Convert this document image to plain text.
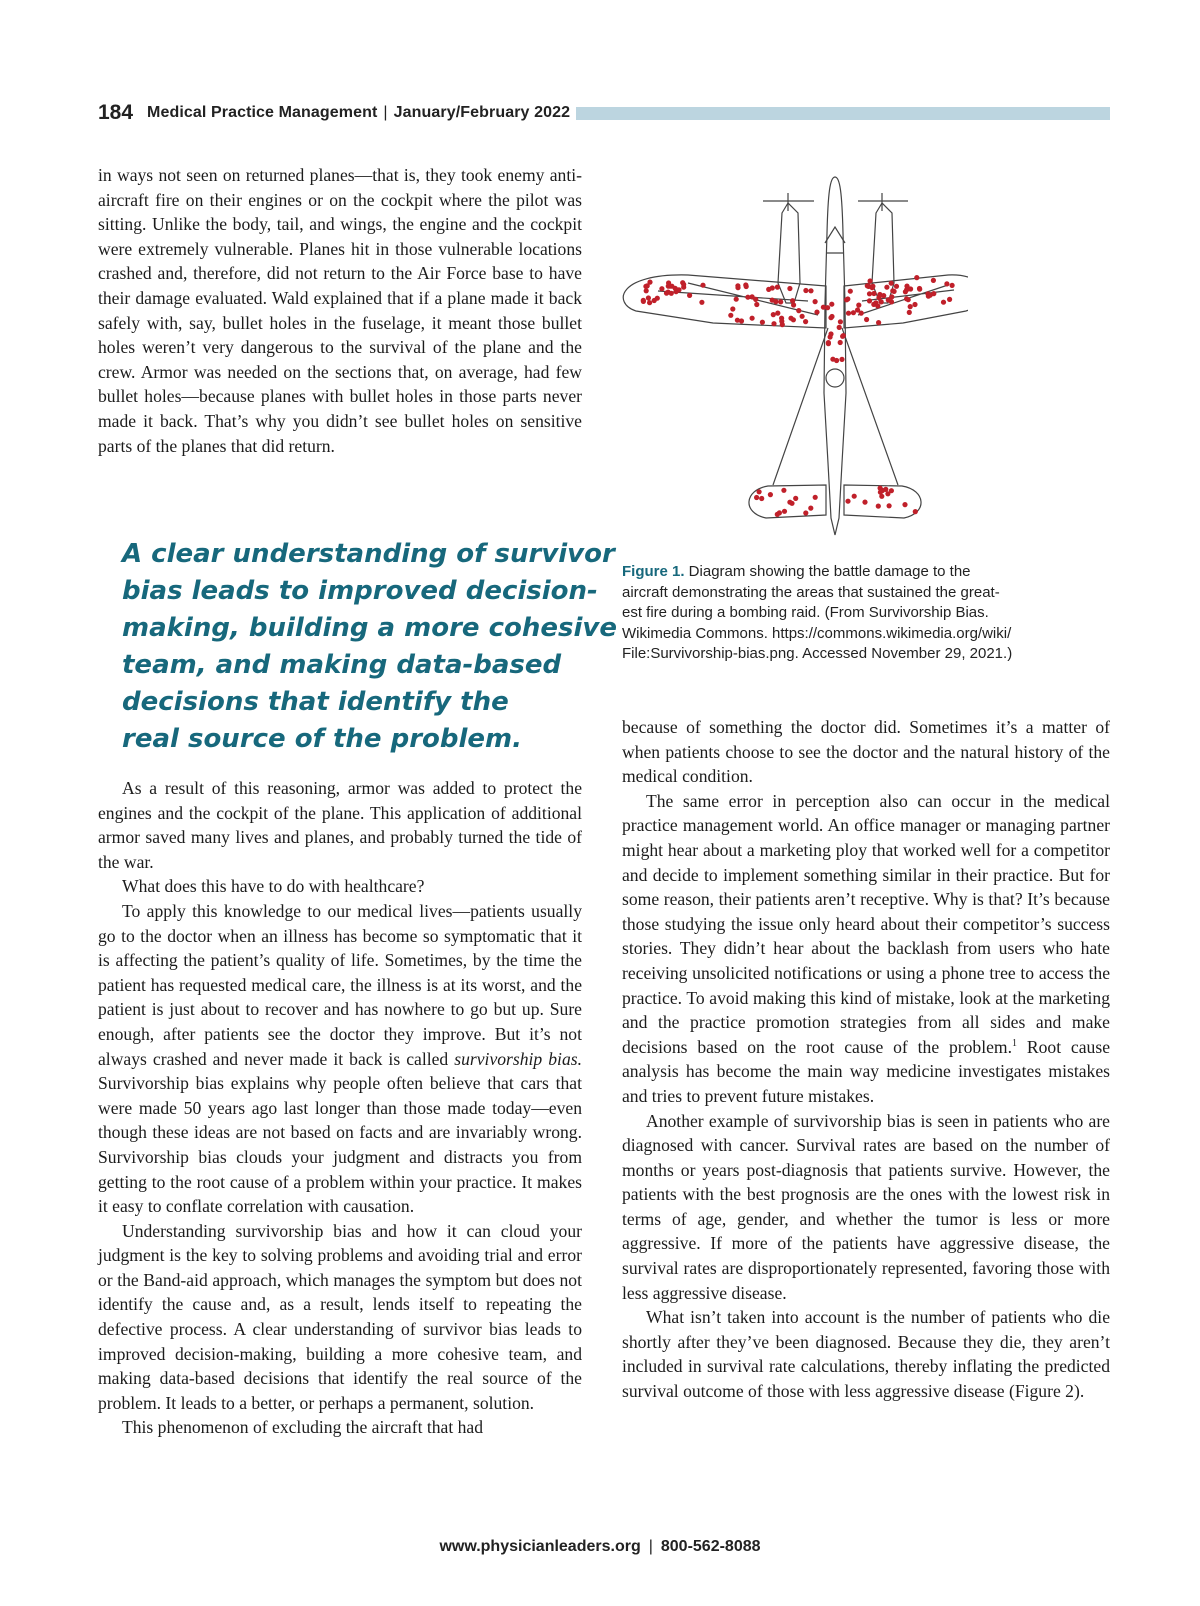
184 Medical Practice Management | January/February 2022

in ways not seen on returned planes—that is, they took enemy anti-aircraft fire on their engines or on the cockpit where the pilot was sitting. Unlike the body, tail, and wings, the engine and the cockpit were extremely vulnerable. Planes hit in those vulnerable locations crashed and, therefore, did not return to the Air Force base to have their damage evaluated. Wald explained that if a plane made it back safely with, say, bullet holes in the fuselage, it meant those bullet holes weren’t very dangerous to the survival of the plane and the crew. Armor was needed on the sections that, on average, had few bullet holes—because planes with bullet holes in those parts never made it back. That’s why you didn’t see bullet holes on sensitive parts of the planes that did return.

A clear understanding of survivor
bias leads to improved decision-
making, building a more cohesive
team, and making data-based
decisions that identify the
real source of the problem.

As a result of this reasoning, armor was added to protect the engines and the cockpit of the plane. This application of additional armor saved many lives and planes, and probably turned the tide of the war.

What does this have to do with healthcare?

To apply this knowledge to our medical lives—patients usually go to the doctor when an illness has become so symptomatic that it is affecting the patient’s quality of life. Sometimes, by the time the patient has requested medical care, the illness is at its worst, and the patient is just about to recover and has nowhere to go but up. Sure enough, after patients see the doctor they improve. But it’s not always crashed and never made it back is called survivorship bias. Survivorship bias explains why people often believe that cars that were made 50 years ago last longer than those made today—even though these ideas are not based on facts and are invariably wrong. Survivorship bias clouds your judgment and distracts you from getting to the root cause of a problem within your practice. It makes it easy to conflate correlation with causation.

Understanding survivorship bias and how it can cloud your judgment is the key to solving problems and avoiding trial and error or the Band-aid approach, which manages the symptom but does not identify the cause and, as a result, lends itself to repeating the defective process. A clear understanding of survivor bias leads to improved decision-making, building a more cohesive team, and making data-based decisions that identify the real source of the problem. It leads to a better, or perhaps a permanent, solution.

This phenomenon of excluding the aircraft that had

Figure 1. Diagram showing the battle damage to the
aircraft demonstrating the areas that sustained the great-
est fire during a bombing raid. (From Survivorship Bias.
Wikimedia Commons. https://commons.wikimedia.org/wiki/
File:Survivorship-bias.png. Accessed November 29, 2021.)

because of something the doctor did. Sometimes it’s a matter of when patients choose to see the doctor and the natural history of the medical condition.

The same error in perception also can occur in the medical practice management world. An office manager or managing partner might hear about a marketing ploy that worked well for a competitor and decide to implement something similar in their practice. But for some reason, their patients aren’t receptive. Why is that? It’s because those studying the issue only heard about their competitor’s success stories. They didn’t hear about the backlash from users who hate receiving unsolicited notifications or using a phone tree to access the practice. To avoid making this kind of mistake, look at the marketing and the practice promotion strategies from all sides and make decisions based on the root cause of the problem.$^1$ Root cause analysis has become the main way medicine investigates mistakes and tries to prevent future mistakes.

Another example of survivorship bias is seen in patients who are diagnosed with cancer. Survival rates are based on the number of months or years post-diagnosis that patients survive. However, the patients with the best prognosis are the ones with the lowest risk in terms of age, gender, and whether the tumor is less or more aggressive. If more of the patients have aggressive disease, the survival rates are disproportionately represented, favoring those with less aggressive disease.

What isn’t taken into account is the number of patients who die shortly after they’ve been diagnosed. Because they die, they aren’t included in survival rate calculations, thereby inflating the predicted survival outcome of those with less aggressive disease (Figure 2).

www.physicianleaders.org | 800-562-8088
